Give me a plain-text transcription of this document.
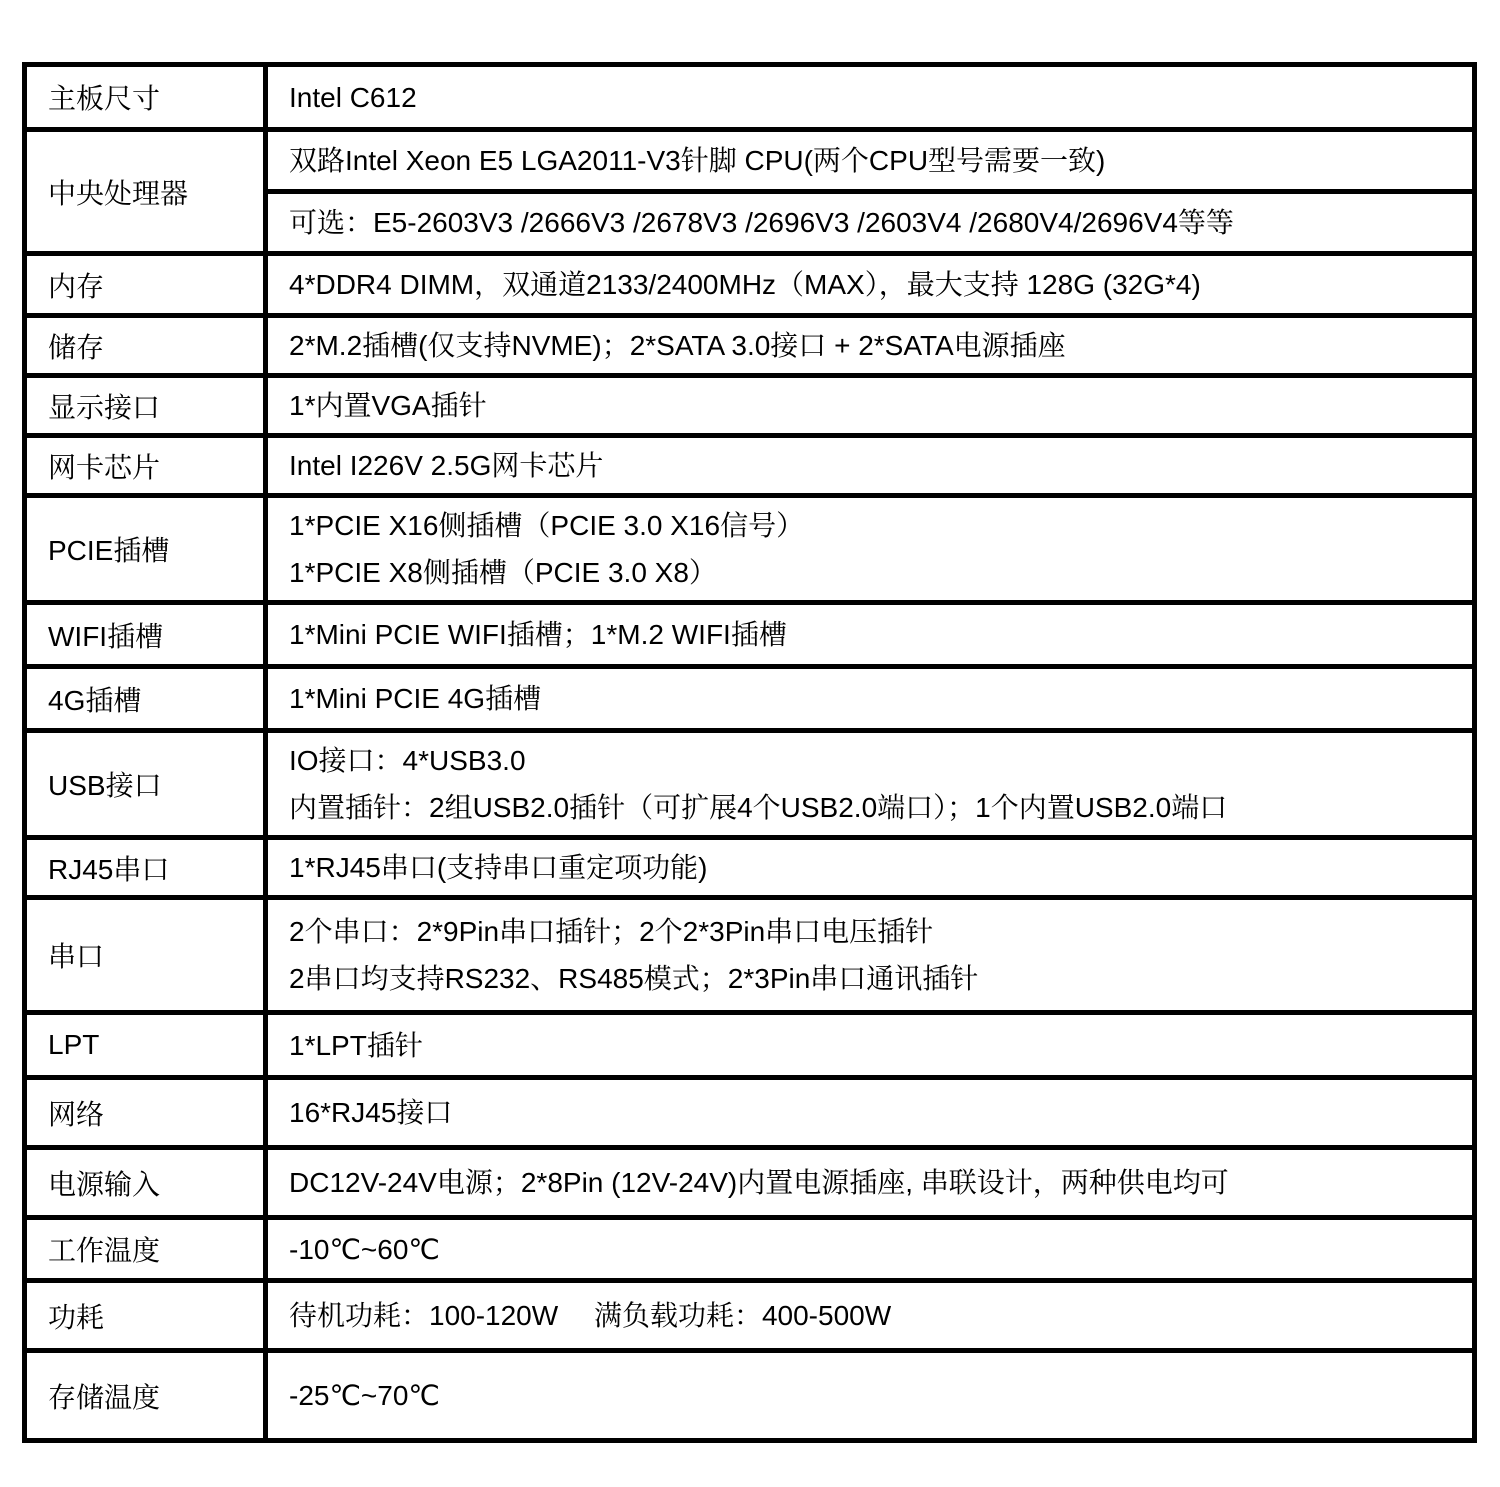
主板尺寸	Intel C612

中央处理器	双路Intel Xeon E5 LGA2011-V3针脚 CPU(两个CPU型号需要一致)

	可选：E5-2603V3 /2666V3 /2678V3 /2696V3 /2603V4 /2680V4/2696V4等等

内存	4*DDR4 DIMM，双通道2133/2400MHz（MAX），最大支持 128G (32G*4)

储存	2*M.2插槽(仅支持NVME)；2*SATA 3.0接口 + 2*SATA电源插座

显示接口	1*内置VGA插针

网卡芯片	Intel I226V 2.5G网卡芯片

PCIE插槽	1*PCIE X16侧插槽（PCIE 3.0 X16信号）
1*PCIE X8侧插槽（PCIE 3.0 X8）

WIFI插槽	1*Mini PCIE WIFI插槽；1*M.2 WIFI插槽

4G插槽	1*Mini PCIE 4G插槽

USB接口	IO接口：4*USB3.0
内置插针：2组USB2.0插针（可扩展4个USB2.0端口）；1个内置USB2.0端口

RJ45串口	1*RJ45串口(支持串口重定项功能)

串口	2个串口：2*9Pin串口插针；2个2*3Pin串口电压插针
2串口均支持RS232、RS485模式；2*3Pin串口通讯插针

LPT	1*LPT插针

网络	16*RJ45接口

电源输入	DC12V-24V电源；2*8Pin (12V-24V)内置电源插座, 串联设计，两种供电均可

工作温度	-10℃~60℃

功耗	待机功耗：100-120W　 满负载功耗：400-500W

存储温度	-25℃~70℃
